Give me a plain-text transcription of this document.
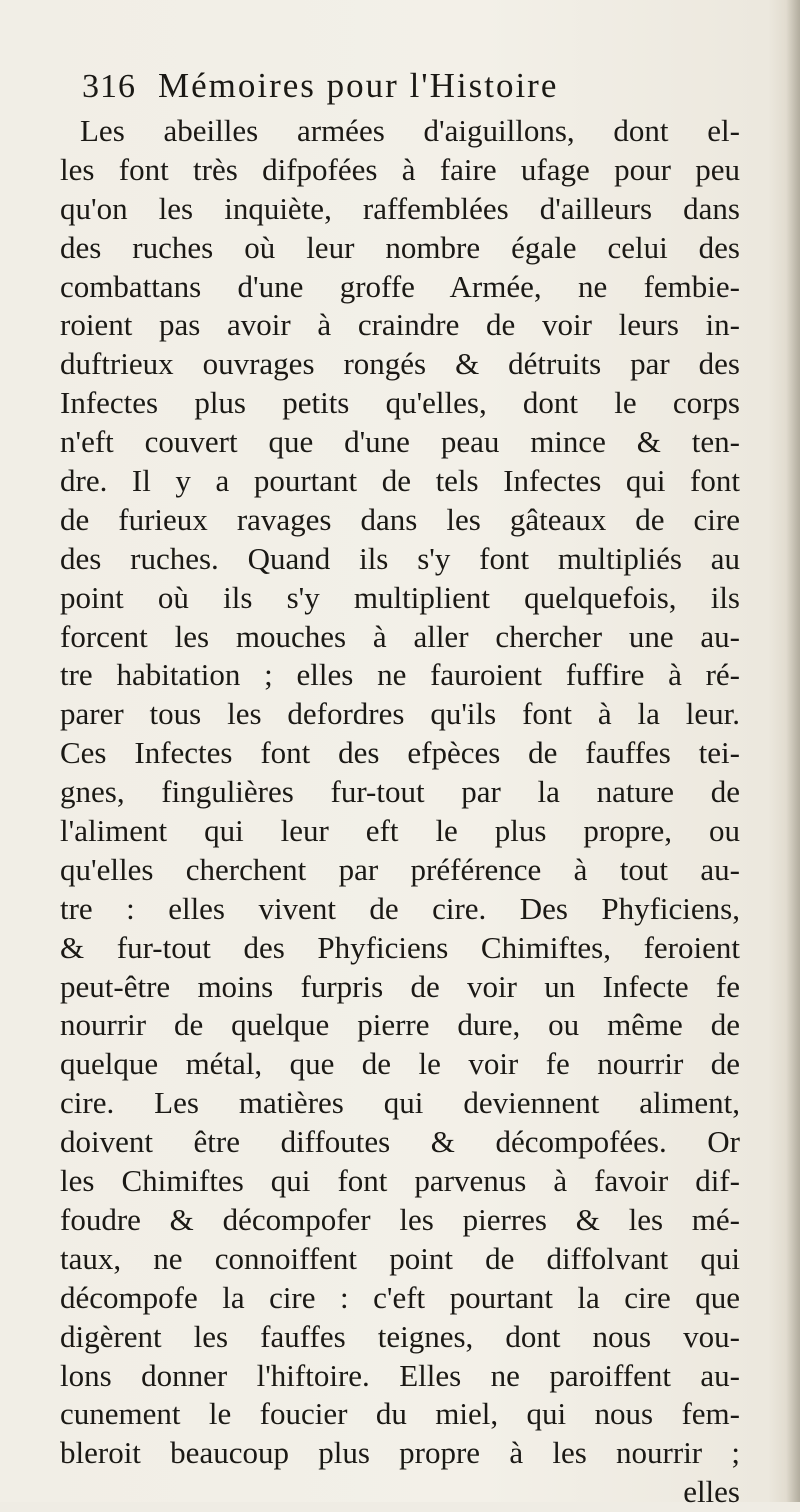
316 Mémoires pour l'Histoire
Les abeilles armées d'aiguillons, dont el-
les font très difpofées à faire ufage pour peu
qu'on les inquiète, raffemblées d'ailleurs dans
des ruches où leur nombre égale celui des
combattans d'une groffe Armée, ne fembie-
roient pas avoir à craindre de voir leurs in-
duftrieux ouvrages rongés & détruits par des
Infectes plus petits qu'elles, dont le corps
n'eft couvert que d'une peau mince & ten-
dre. Il y a pourtant de tels Infectes qui font
de furieux ravages dans les gâteaux de cire
des ruches. Quand ils s'y font multipliés au
point où ils s'y multiplient quelquefois, ils
forcent les mouches à aller chercher une au-
tre habitation ; elles ne fauroient fuffire à ré-
parer tous les defordres qu'ils font à la leur.
Ces Infectes font des efpèces de fauffes tei-
gnes, fingulières fur-tout par la nature de
l'aliment qui leur eft le plus propre, ou
qu'elles cherchent par préférence à tout au-
tre : elles vivent de cire. Des Phyficiens,
& fur-tout des Phyficiens Chimiftes, feroient
peut-être moins furpris de voir un Infecte fe
nourrir de quelque pierre dure, ou même de
quelque métal, que de le voir fe nourrir de
cire. Les matières qui deviennent aliment,
doivent être diffoutes & décompofées. Or
les Chimiftes qui font parvenus à favoir dif-
foudre & décompofer les pierres & les mé-
taux, ne connoiffent point de diffolvant qui
décompofe la cire : c'eft pourtant la cire que
digèrent les fauffes teignes, dont nous vou-
lons donner l'hiftoire. Elles ne paroiffent au-
cunement le foucier du miel, qui nous fem-
bleroit beaucoup plus propre à les nourrir ;
elles
